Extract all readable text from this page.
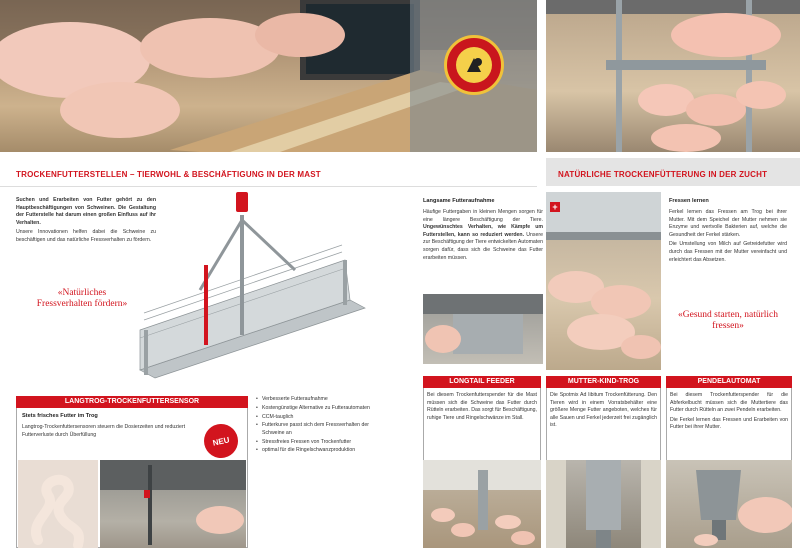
TROCKENFUTTERSTELLEN – TIERWOHL & BESCHÄFTIGUNG IN DER MAST
Suchen und Erarbeiten von Futter gehört zu den Hauptbeschäftigungen von Schweinen. Die Gestaltung der Futterstelle hat darum einen großen Einfluss auf ihr Verhalten.
Unsere Innovationen helfen dabei die Schweine zu beschäftigen und das natürliche Fressverhalten zu fördern.
«Natürliches Fressverhalten fördern»
LANGTROG-TROCKENFUTTERSENSOR
Stets frisches Futter im Trog
Langtrog-Trockenfuttersensoren steuern die Dosierzeiten und reduziert Futterverluste durch Überfüllung
NEU
• Verbesserte Futteraufnahme
• Kostengünstige Alternative zu Futterautomaten
• CCM-tauglich
• Futterkurve passt sich dem Fressverhalten der Schweine an
• Stressfreies Fressen von Trockenfutter
• optimal für die Ringelschwanzproduktion
Langsame Futteraufnahme
Häufige Futtergaben in kleinen Mengen sorgen für eine längere Beschäftigung der Tiere. Ungewünschtes Verhalten, wie Kämpfe um Futterstellen, kann so reduziert werden. Unsere zur Beschäftigung der Tiere entwickelten Automaten sorgen dafür, dass sich die Schweine das Futter erarbeiten müssen.
+
NATÜRLICHE TROCKENFÜTTERUNG IN DER ZUCHT
Fressen lernen
Ferkel lernen das Fressen am Trog bei ihrer Mutter. Mit dem Speichel der Mutter nehmen sie Enzyme und wertvolle Bakterien auf, welche die Gesundheit der Ferkel stärken.
Die Umstellung von Milch auf Getreidefutter wird durch das Fressen mit der Mutter vereinfacht und erleichtert das Absetzen.
«Gesund starten, natürlich fressen»
LONGTAIL FEEDER
Bei diesem Trockenfutterspender für die Mast müssen sich die Schweine das Futter durch Rütteln erarbeiten. Das sorgt für Beschäftigung, ruhige Tiere und Ringelschwänze im Stall.
MUTTER-KIND-TROG
Die Spotmix Ad libitum Trockenfütterung. Den Tieren wird in einem Vorratsbehälter eine größere Menge Futter angeboten, welches für alle Sauen und Ferkel jederzeit frei zugänglich ist.
PENDELAUTOMAT
Bei diesem Trockenfutterspender für die Abferkelbucht müssen sich die Muttertiere das Futter durch Rütteln an zwei Pendeln erarbeiten.
Die Ferkel lernen das Fressen und Erarbeiten von Futter bei ihrer Mutter.
